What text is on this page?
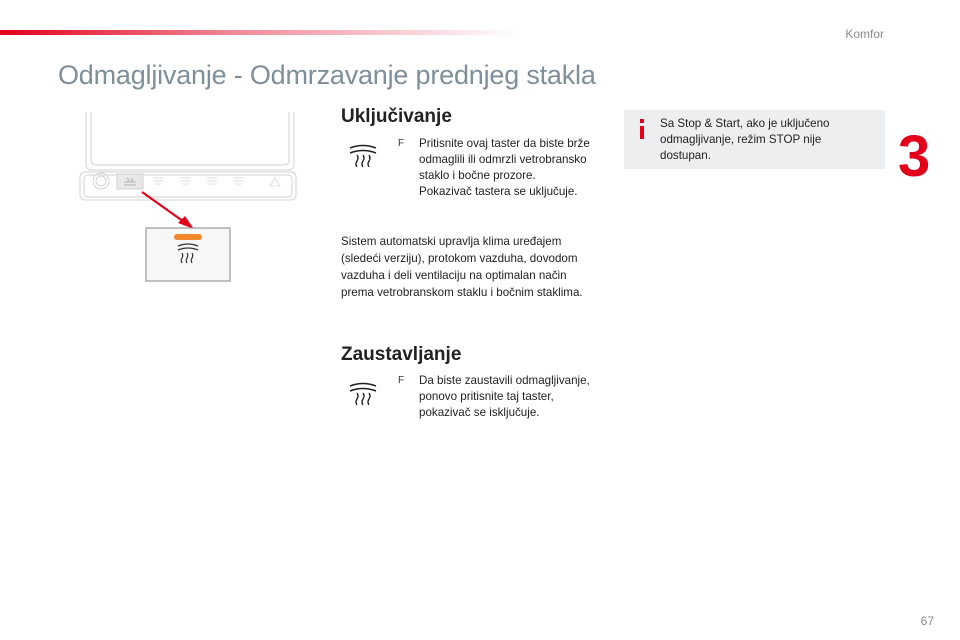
Komfor
Odmagljivanje - Odmrzavanje prednjeg stakla
3
Uključivanje
F Pritisnite ovaj taster da biste brže
odmaglili ili odmrzli vetrobransko
staklo i bočne prozore.
Pokazivač tastera se uključuje.
Sistem automatski upravlja klima uređajem
(sledeći verziju), protokom vazduha, dovodom
vazduha i deli ventilaciju na optimalan način
prema vetrobranskom staklu i bočnim staklima.
Zaustavljanje
F Da biste zaustavili odmagljivanje,
ponovo pritisnite taj taster,
pokazivač se isključuje.
Sa Stop & Start, ako je uključeno
odmagljivanje, režim STOP nije
dostupan.
67
